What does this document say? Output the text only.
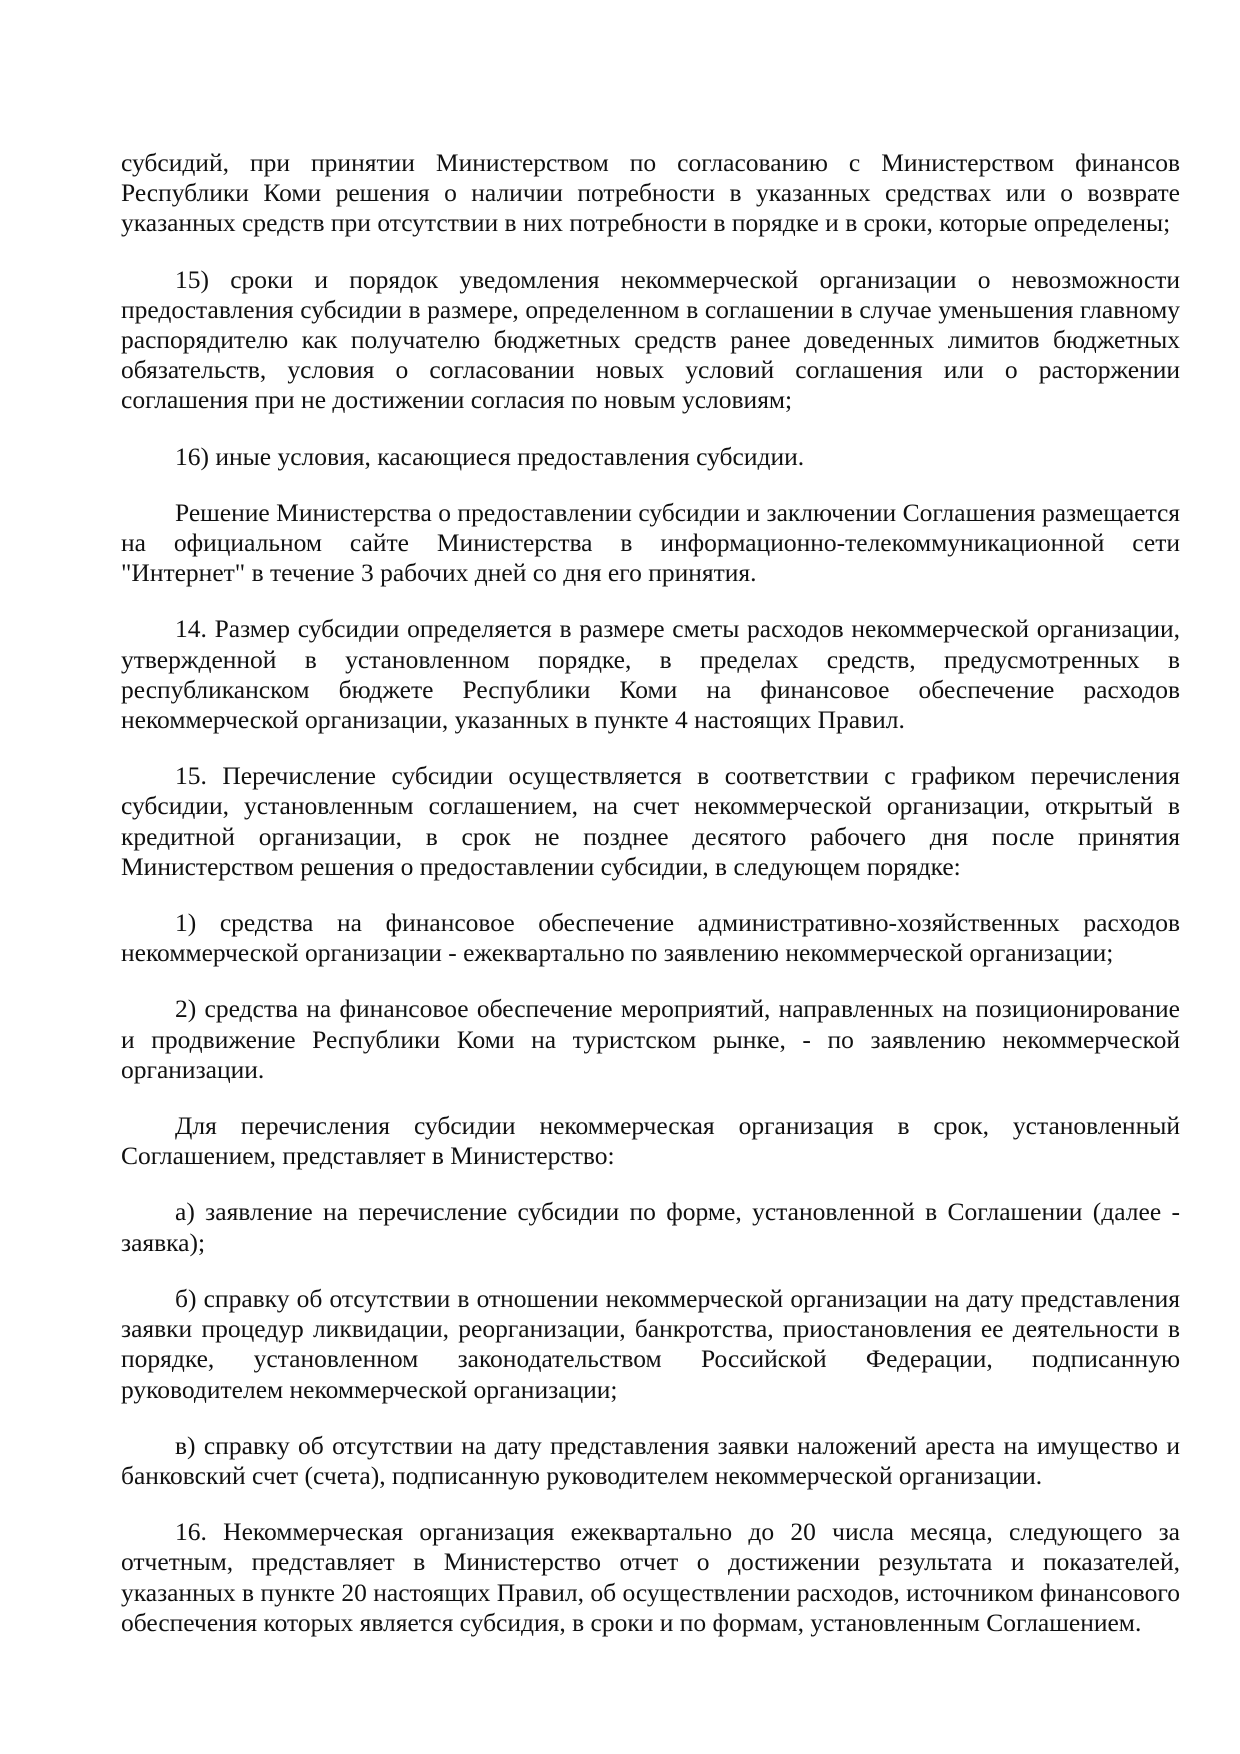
субсидий, при принятии Министерством по согласованию с Министерством финансов Республики Коми решения о наличии потребности в указанных средствах или о возврате указанных средств при отсутствии в них потребности в порядке и в сроки, которые определены;

15) сроки и порядок уведомления некоммерческой организации о невозможности предоставления субсидии в размере, определенном в соглашении в случае уменьшения главному распорядителю как получателю бюджетных средств ранее доведенных лимитов бюджетных обязательств, условия о согласовании новых условий соглашения или о расторжении соглашения при не достижении согласия по новым условиям;

16) иные условия, касающиеся предоставления субсидии.

Решение Министерства о предоставлении субсидии и заключении Соглашения размещается на официальном сайте Министерства в информационно-телекоммуникационной сети "Интернет" в течение 3 рабочих дней со дня его принятия.

14. Размер субсидии определяется в размере сметы расходов некоммерческой организации, утвержденной в установленном порядке, в пределах средств, предусмотренных в республиканском бюджете Республики Коми на финансовое обеспечение расходов некоммерческой организации, указанных в пункте 4 настоящих Правил.

15. Перечисление субсидии осуществляется в соответствии с графиком перечисления субсидии, установленным соглашением, на счет некоммерческой организации, открытый в кредитной организации, в срок не позднее десятого рабочего дня после принятия Министерством решения о предоставлении субсидии, в следующем порядке:

1) средства на финансовое обеспечение административно-хозяйственных расходов некоммерческой организации - ежеквартально по заявлению некоммерческой организации;

2) средства на финансовое обеспечение мероприятий, направленных на позиционирование и продвижение Республики Коми на туристском рынке, - по заявлению некоммерческой организации.

Для перечисления субсидии некоммерческая организация в срок, установленный Соглашением, представляет в Министерство:

а) заявление на перечисление субсидии по форме, установленной в Соглашении (далее - заявка);

б) справку об отсутствии в отношении некоммерческой организации на дату представления заявки процедур ликвидации, реорганизации, банкротства, приостановления ее деятельности в порядке, установленном законодательством Российской Федерации, подписанную руководителем некоммерческой организации;

в) справку об отсутствии на дату представления заявки наложений ареста на имущество и банковский счет (счета), подписанную руководителем некоммерческой организации.

16. Некоммерческая организация ежеквартально до 20 числа месяца, следующего за отчетным, представляет в Министерство отчет о достижении результата и показателей, указанных в пункте 20 настоящих Правил, об осуществлении расходов, источником финансового обеспечения которых является субсидия, в сроки и по формам, установленным Соглашением.
